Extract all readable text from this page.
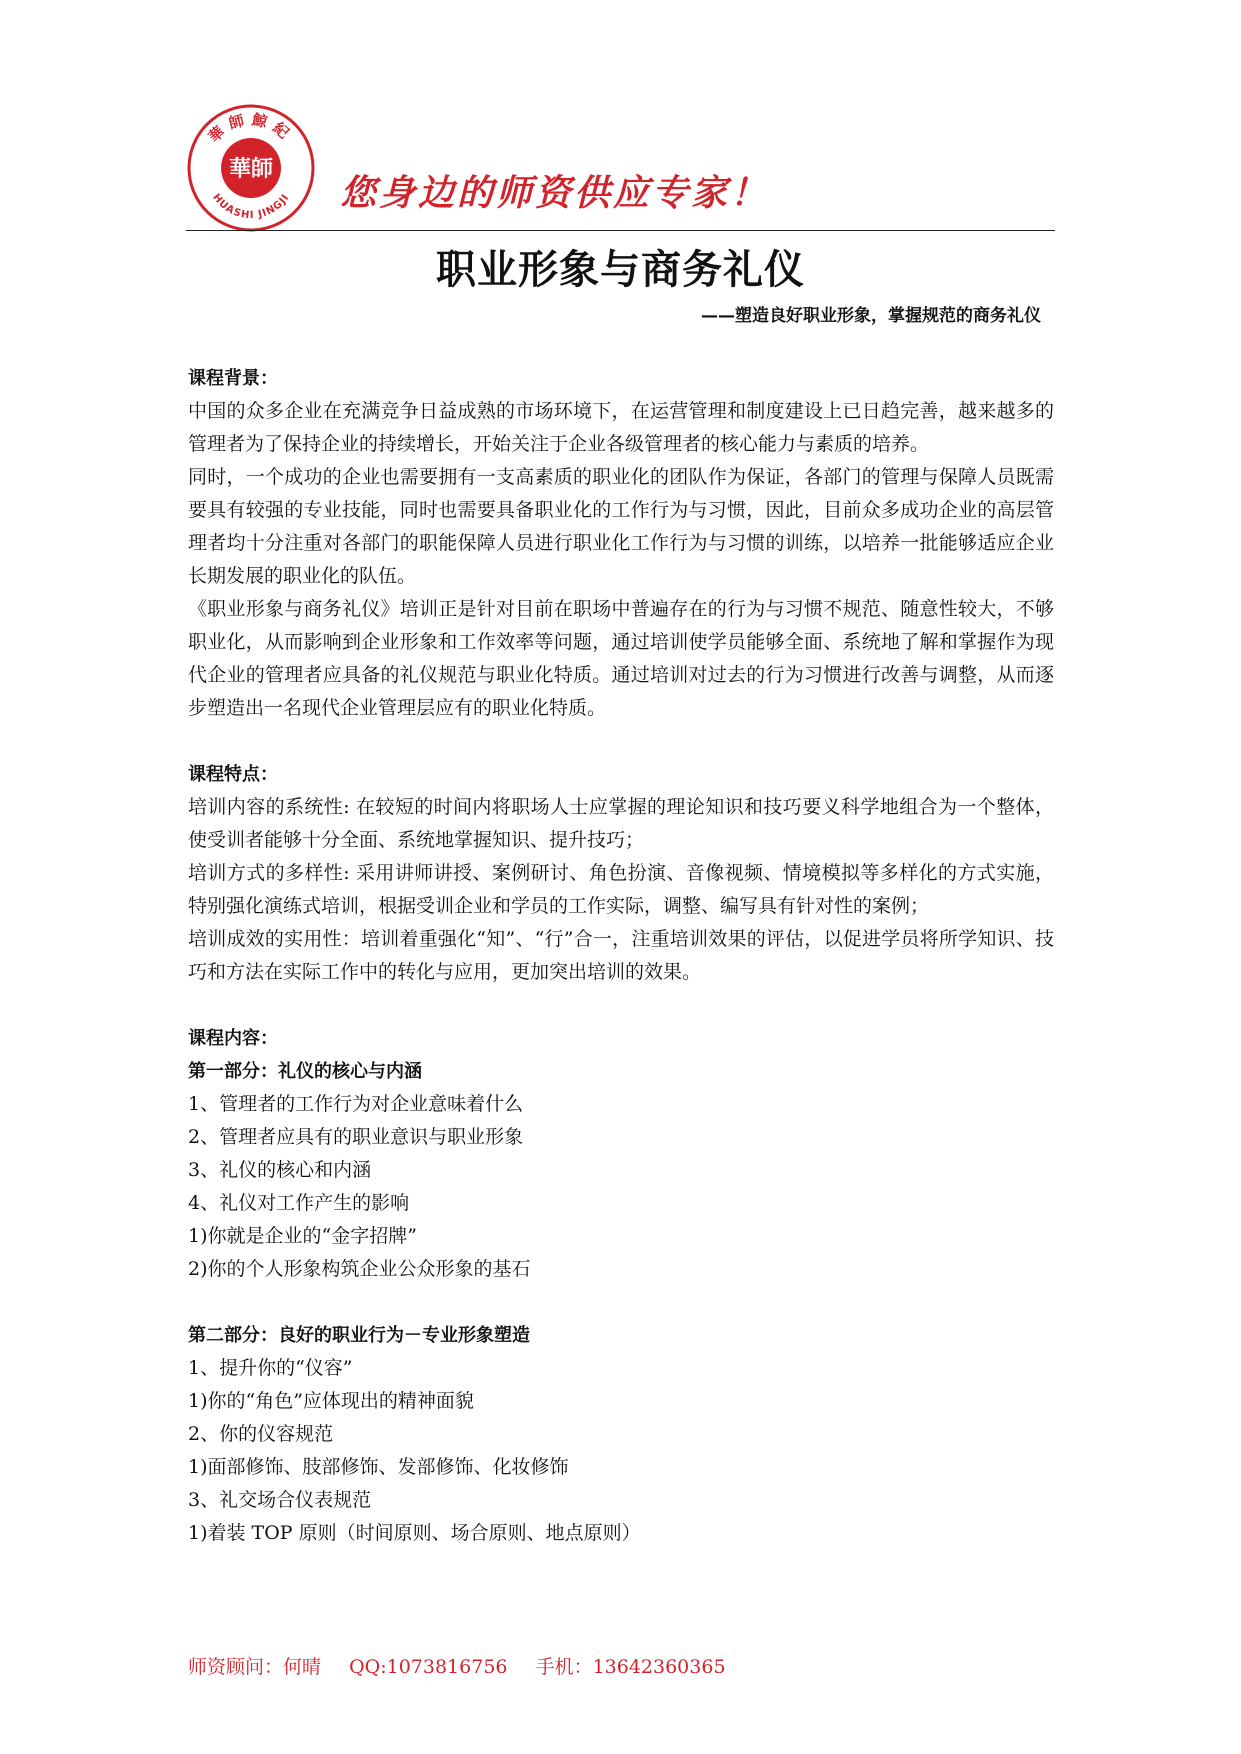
華師鯨紀
華師
HUASHI JINGJI 您身边的师资供应专家！
职业形象与商务礼仪
——塑造良好职业形象，掌握规范的商务礼仪

课程背景：

中国的众多企业在充满竞争日益成熟的市场环境下，在运营管理和制度建设上已日趋完善，越来越多的管理者为了保持企业的持续增长，开始关注于企业各级管理者的核心能力与素质的培养。

同时，一个成功的企业也需要拥有一支高素质的职业化的团队作为保证，各部门的管理与保障人员既需要具有较强的专业技能，同时也需要具备职业化的工作行为与习惯，因此，目前众多成功企业的高层管理者均十分注重对各部门的职能保障人员进行职业化工作行为与习惯的训练，以培养一批能够适应企业长期发展的职业化的队伍。

《职业形象与商务礼仪》培训正是针对目前在职场中普遍存在的行为与习惯不规范、随意性较大，不够职业化，从而影响到企业形象和工作效率等问题，通过培训使学员能够全面、系统地了解和掌握作为现代企业的管理者应具备的礼仪规范与职业化特质。通过培训对过去的行为习惯进行改善与调整，从而逐步塑造出一名现代企业管理层应有的职业化特质。

课程特点：

培训内容的系统性: 在较短的时间内将职场人士应掌握的理论知识和技巧要义科学地组合为一个整体，使受训者能够十分全面、系统地掌握知识、提升技巧；

培训方式的多样性: 采用讲师讲授、案例研讨、角色扮演、音像视频、情境模拟等多样化的方式实施，特别强化演练式培训，根据受训企业和学员的工作实际，调整、编写具有针对性的案例；

培训成效的实用性：培训着重强化“知”、“行”合一，注重培训效果的评估，以促进学员将所学知识、技巧和方法在实际工作中的转化与应用，更加突出培训的效果。

课程内容：

第一部分：礼仪的核心与内涵

1、管理者的工作行为对企业意味着什么

2、管理者应具有的职业意识与职业形象

3、礼仪的核心和内涵

4、礼仪对工作产生的影响

1)你就是企业的“金字招牌”

2)你的个人形象构筑企业公众形象的基石

第二部分：良好的职业行为－专业形象塑造

1、提升你的“仪容”

1)你的“角色”应体现出的精神面貌

2、你的仪容规范

1)面部修饰、肢部修饰、发部修饰、化妆修饰

3、礼交场合仪表规范

1)着装 TOP 原则（时间原则、场合原则、地点原则）

师资顾问：何晴 QQ:1073816756 手机：13642360365
